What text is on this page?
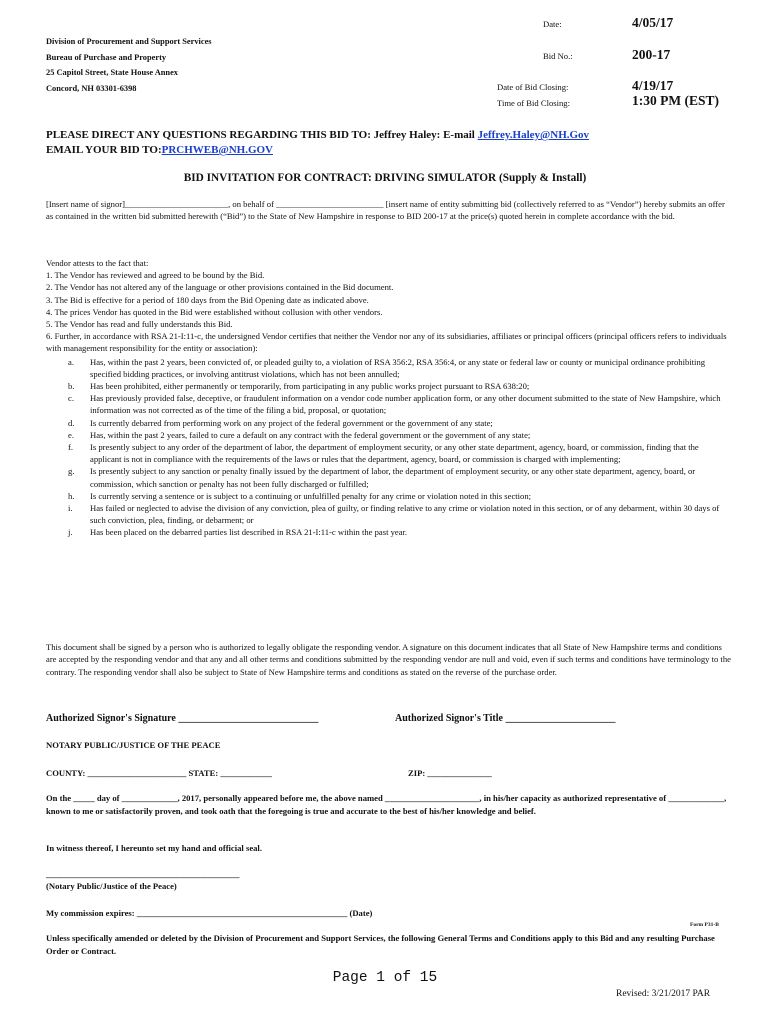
Date:	4/05/17
Bid No.:	200-17
Date of Bid Closing:	4/19/17
Time of Bid Closing:	1:30 PM (EST)
Division of Procurement and Support Services
Bureau of Purchase and Property
25 Capitol Street, State House Annex
Concord, NH 03301-6398
PLEASE DIRECT ANY QUESTIONS REGARDING THIS BID TO: Jeffrey Haley: E-mail Jeffrey.Haley@NH.Gov
EMAIL YOUR BID TO:PRCHWEB@NH.GOV
BID INVITATION FOR CONTRACT: DRIVING SIMULATOR (Supply & Install)
[Insert name of signor]________________________, on behalf of _________________________ [insert name of entity submitting bid (collectively referred to as “Vendor”) hereby submits an offer as contained in the written bid submitted herewith (“Bid”) to the State of New Hampshire in response to BID 200-17 at the price(s) quoted herein in complete accordance with the bid.
Vendor attests to the fact that:
1. The Vendor has reviewed and agreed to be bound by the Bid.
2. The Vendor has not altered any of the language or other provisions contained in the Bid document.
3. The Bid is effective for a period of 180 days from the Bid Opening date as indicated above.
4. The prices Vendor has quoted in the Bid were established without collusion with other vendors.
5. The Vendor has read and fully understands this Bid.
6. Further, in accordance with RSA 21-I:11-c, the undersigned Vendor certifies that neither the Vendor nor any of its subsidiaries, affiliates or principal officers (principal officers refers to individuals with management responsibility for the entity or association):
a. Has, within the past 2 years, been convicted of, or pleaded guilty to, a violation of RSA 356:2, RSA 356:4, or any state or federal law or county or municipal ordinance prohibiting specified bidding practices, or involving antitrust violations, which has not been annulled;
b. Has been prohibited, either permanently or temporarily, from participating in any public works project pursuant to RSA 638:20;
c. Has previously provided false, deceptive, or fraudulent information on a vendor code number application form, or any other document submitted to the state of New Hampshire, which information was not corrected as of the time of the filing a bid, proposal, or quotation;
d. Is currently debarred from performing work on any project of the federal government or the government of any state;
e. Has, within the past 2 years, failed to cure a default on any contract with the federal government or the government of any state;
f. Is presently subject to any order of the department of labor, the department of employment security, or any other state department, agency, board, or commission, finding that the applicant is not in compliance with the requirements of the laws or rules that the department, agency, board, or commission is charged with implementing;
g. Is presently subject to any sanction or penalty finally issued by the department of labor, the department of employment security, or any other state department, agency, board, or commission, which sanction or penalty has not been fully discharged or fulfilled;
h. Is currently serving a sentence or is subject to a continuing or unfulfilled penalty for any crime or violation noted in this section;
i. Has failed or neglected to advise the division of any conviction, plea of guilty, or finding relative to any crime or violation noted in this section, or of any debarment, within 30 days of such conviction, plea, finding, or debarment; or
j. Has been placed on the debarred parties list described in RSA 21-I:11-c within the past year.
This document shall be signed by a person who is authorized to legally obligate the responding vendor. A signature on this document indicates that all State of New Hampshire terms and conditions are accepted by the responding vendor and that any and all other terms and conditions submitted by the responding vendor are null and void, even if such terms and conditions have terminology to the contrary. The responding vendor shall also be subject to State of New Hampshire terms and conditions as stated on the reverse of the purchase order.
Authorized Signor's Signature ____________________________	Authorized Signor's Title ______________________
NOTARY PUBLIC/JUSTICE OF THE PEACE
COUNTY: _______________________ STATE: ____________	ZIP: _______________
On the _____ day of _____________, 2017, personally appeared before me, the above named ______________________, in his/her capacity as authorized representative of _____________, known to me or satisfactorily proven, and took oath that the foregoing is true and accurate to the best of his/her knowledge and belief.
In witness thereof, I hereunto set my hand and official seal.
_____________________________________________
(Notary Public/Justice of the Peace)
My commission expires: _________________________________________________ (Date)
Form P31-B
Unless specifically amended or deleted by the Division of Procurement and Support Services, the following General Terms and Conditions apply to this Bid and any resulting Purchase Order or Contract.
Page 1 of 15
Revised: 3/21/2017 PAR
